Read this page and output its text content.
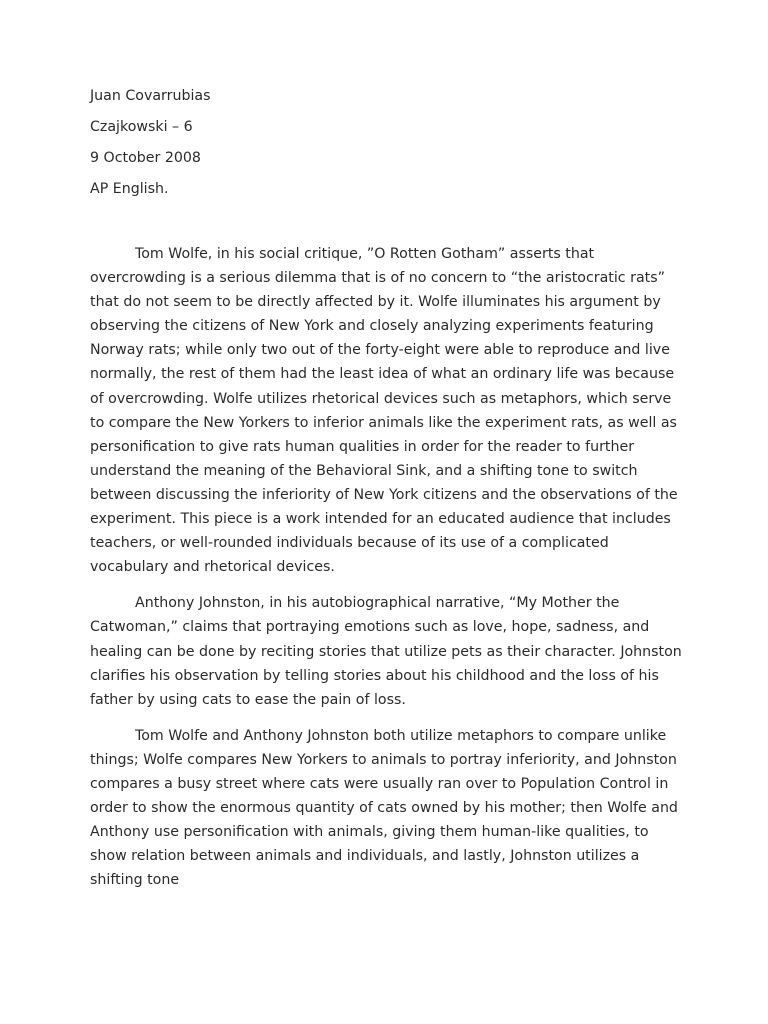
Juan Covarrubias
Czajkowski – 6
9 October 2008
AP English.

Tom Wolfe, in his social critique, ”O Rotten Gotham” asserts that overcrowding is a serious dilemma that is of no concern to “the aristocratic rats” that do not seem to be directly affected by it. Wolfe illuminates his argument by observing the citizens of New York and closely analyzing experiments featuring Norway rats; while only two out of the forty-eight were able to reproduce and live normally, the rest of them had the least idea of what an ordinary life was because of overcrowding. Wolfe utilizes rhetorical devices such as metaphors, which serve to compare the New Yorkers to inferior animals like the experiment rats, as well as personification to give rats human qualities in order for the reader to further understand the meaning of the Behavioral Sink, and a shifting tone to switch between discussing the inferiority of New York citizens and the observations of the experiment. This piece is a work intended for an educated audience that includes teachers, or well-rounded individuals because of its use of a complicated vocabulary and rhetorical devices.

Anthony Johnston, in his autobiographical narrative, “My Mother the Catwoman,” claims that portraying emotions such as love, hope, sadness, and healing can be done by reciting stories that utilize pets as their character. Johnston clarifies his observation by telling stories about his childhood and the loss of his father by using cats to ease the pain of loss.

Tom Wolfe and Anthony Johnston both utilize metaphors to compare unlike things; Wolfe compares New Yorkers to animals to portray inferiority, and Johnston compares a busy street where cats were usually ran over to Population Control in order to show the enormous quantity of cats owned by his mother; then Wolfe and Anthony use personification with animals, giving them human-like qualities, to show relation between animals and individuals, and lastly, Johnston utilizes a shifting tone
